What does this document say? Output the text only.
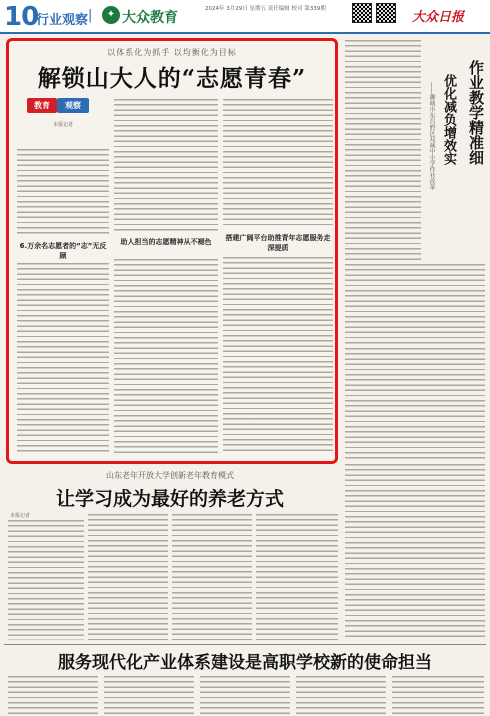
10
行业观察 |	✦ 大众教育
2024年 3月29日 星期五 责任编辑 校对 第339期
大众日报
以体系化为抓手 以均衡化为目标
解锁山大人的“志愿青春”
教育	观察
本报记者
6.万余名志愿者的“志”无反顾
助人担当的志愿精神从不褪色	搭建广阔平台助推青年志愿服务走深提质
作业教学精准细
优化减负增效实
——聊城市东昌府区双减中小学作业改革
山东老年开放大学创新老年教育模式
让学习成为最好的养老方式
本报记者
服务现代化产业体系建设是高职学校新的使命担当
